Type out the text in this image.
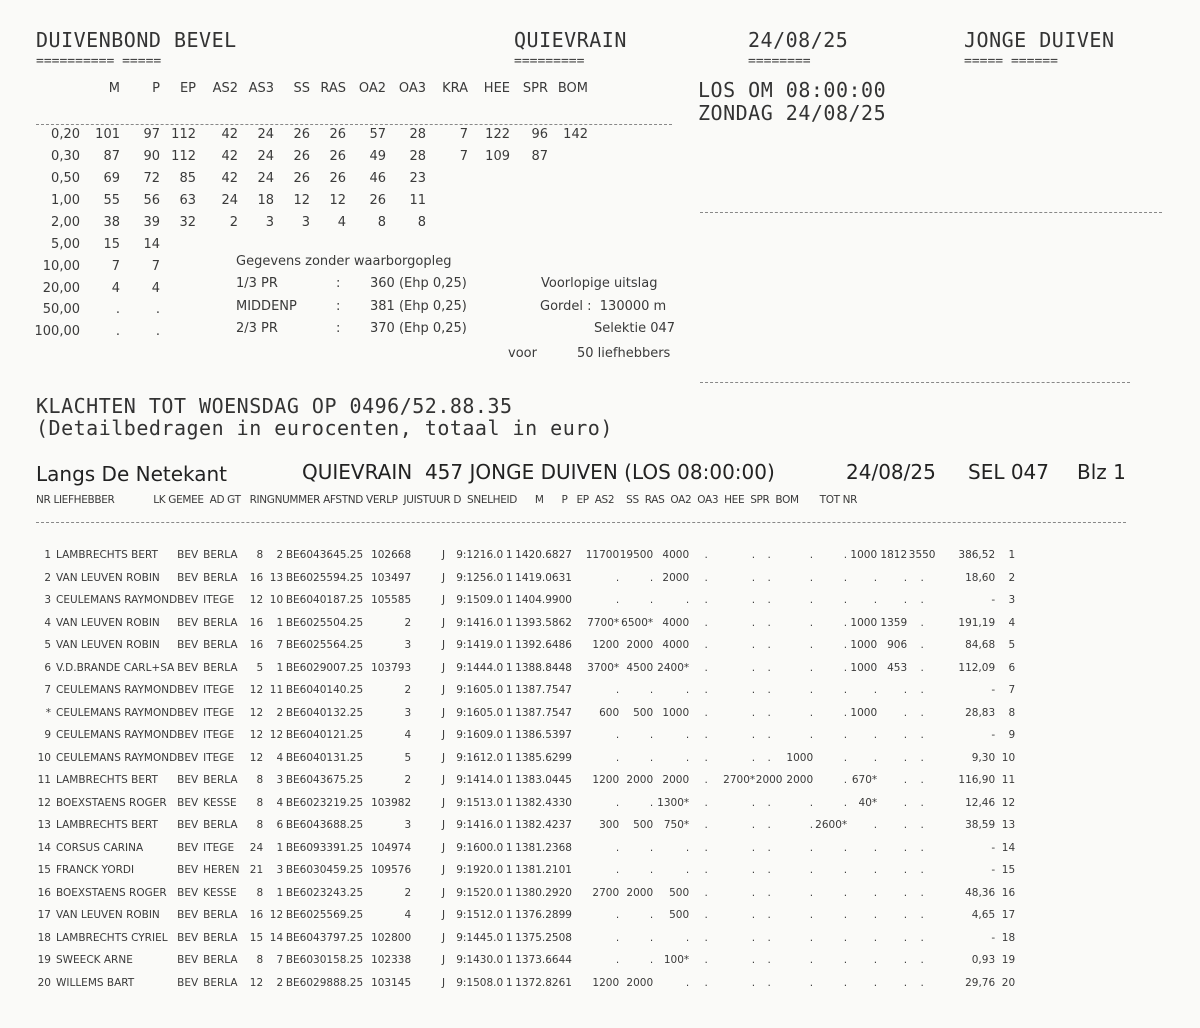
DUIVENBOND BEVEL
========== =====
QUIEVRAIN
=========
24/08/25
========
JONGE DUIVEN
===== ======
LOS OM 08:00:00
ZONDAG 24/08/25
	M	P	EP	AS2	AS3	SS	RAS	OA2	OA3	KRA	HEE	SPR	BOM

0,20	101	97	112	42	24	26	26	57	28	7	122	96	142
0,30	87	90	112	42	24	26	26	49	28	7	109	87	
0,50	69	72	85	42	24	26	26	46	23				
1,00	55	56	63	24	18	12	12	26	11				
2,00	38	39	32	2	3	3	4	8	8				
5,00	15	14											
10,00	7	7											
20,00	4	4											
50,00	.	.											
100,00	.	.											
Gegevens zonder waarborgopleg
1/3 PR	: 360 (Ehp 0,25)
MIDDENP	: 381 (Ehp 0,25)
2/3 PR	: 370 (Ehp 0,25)
Voorlopige uitslag
Gordel :  130000 m
Selektie 047
voor	50 liefhebbers
KLACHTEN TOT WOENSDAG OP 0496/52.88.35
(Detailbedragen in eurocenten, totaal in euro)
Langs De Netekant	QUIEVRAIN  457 JONGE DUIVEN (LOS 08:00:00)	24/08/25 SEL 047 Blz 1
NR LIEFHEBBER             LK GEMEE  AD GT   RINGNUMMER AFSTND VERLP  JUISTUUR D  SNELHEID      M      P   EP  AS2    SS  RAS  OA2  OA3  HEE  SPR  BOM       TOT NR
1	LAMBRECHTS BERT	BEV	BERLA	8	2	BE6043645.25	102668	J	9:1216.0	1	1420.6827	11700	19500	4000	.	.	.	.	.	1000	1812	3550	386,52	1
2	VAN LEUVEN ROBIN	BEV	BERLA	16	13	BE6025594.25	103497	J	9:1256.0	1	1419.0631	.	.	2000	.	.	.	.	.	.	.	.	18,60	2
3	CEULEMANS RAYMOND	BEV	ITEGE	12	10	BE6040187.25	105585	J	9:1509.0	1	1404.9900	.	.	.	.	.	.	.	.	.	.	.	-	3
4	VAN LEUVEN ROBIN	BEV	BERLA	16	1	BE6025504.25	2	J	9:1416.0	1	1393.5862	7700*	6500*	4000	.	.	.	.	.	1000	1359	.	191,19	4
5	VAN LEUVEN ROBIN	BEV	BERLA	16	7	BE6025564.25	3	J	9:1419.0	1	1392.6486	1200	2000	4000	.	.	.	.	.	1000	906	.	84,68	5
6	V.D.BRANDE CARL+SA	BEV	BERLA	5	1	BE6029007.25	103793	J	9:1444.0	1	1388.8448	3700*	4500	2400*	.	.	.	.	.	1000	453	.	112,09	6
7	CEULEMANS RAYMOND	BEV	ITEGE	12	11	BE6040140.25	2	J	9:1605.0	1	1387.7547	.	.	.	.	.	.	.	.	.	.	.	-	7
*	CEULEMANS RAYMOND	BEV	ITEGE	12	2	BE6040132.25	3	J	9:1605.0	1	1387.7547	600	500	1000	.	.	.	.	.	1000	.	.	28,83	8
9	CEULEMANS RAYMOND	BEV	ITEGE	12	12	BE6040121.25	4	J	9:1609.0	1	1386.5397	.	.	.	.	.	.	.	.	.	.	.	-	9
10	CEULEMANS RAYMOND	BEV	ITEGE	12	4	BE6040131.25	5	J	9:1612.0	1	1385.6299	.	.	.	.	.	.	1000	.	.	.	.	9,30	10
11	LAMBRECHTS BERT	BEV	BERLA	8	3	BE6043675.25	2	J	9:1414.0	1	1383.0445	1200	2000	2000	.	2700*	2000	2000	.	670*	.	.	116,90	11
12	BOEXSTAENS ROGER	BEV	KESSE	8	4	BE6023219.25	103982	J	9:1513.0	1	1382.4330	.	.	1300*	.	.	.	.	.	40*	.	.	12,46	12
13	LAMBRECHTS BERT	BEV	BERLA	8	6	BE6043688.25	3	J	9:1416.0	1	1382.4237	300	500	750*	.	.	.	.	2600*	.	.	.	38,59	13
14	CORSUS CARINA	BEV	ITEGE	24	1	BE6093391.25	104974	J	9:1600.0	1	1381.2368	.	.	.	.	.	.	.	.	.	.	.	-	14
15	FRANCK YORDI	BEV	HEREN	21	3	BE6030459.25	109576	J	9:1920.0	1	1381.2101	.	.	.	.	.	.	.	.	.	.	.	-	15
16	BOEXSTAENS ROGER	BEV	KESSE	8	1	BE6023243.25	2	J	9:1520.0	1	1380.2920	2700	2000	500	.	.	.	.	.	.	.	.	48,36	16
17	VAN LEUVEN ROBIN	BEV	BERLA	16	12	BE6025569.25	4	J	9:1512.0	1	1376.2899	.	.	500	.	.	.	.	.	.	.	.	4,65	17
18	LAMBRECHTS CYRIEL	BEV	BERLA	15	14	BE6043797.25	102800	J	9:1445.0	1	1375.2508	.	.	.	.	.	.	.	.	.	.	.	-	18
19	SWEECK ARNE	BEV	BERLA	8	7	BE6030158.25	102338	J	9:1430.0	1	1373.6644	.	.	100*	.	.	.	.	.	.	.	.	0,93	19
20	WILLEMS BART	BEV	BERLA	12	2	BE6029888.25	103145	J	9:1508.0	1	1372.8261	1200	2000	.	.	.	.	.	.	.	.	.	29,76	20
